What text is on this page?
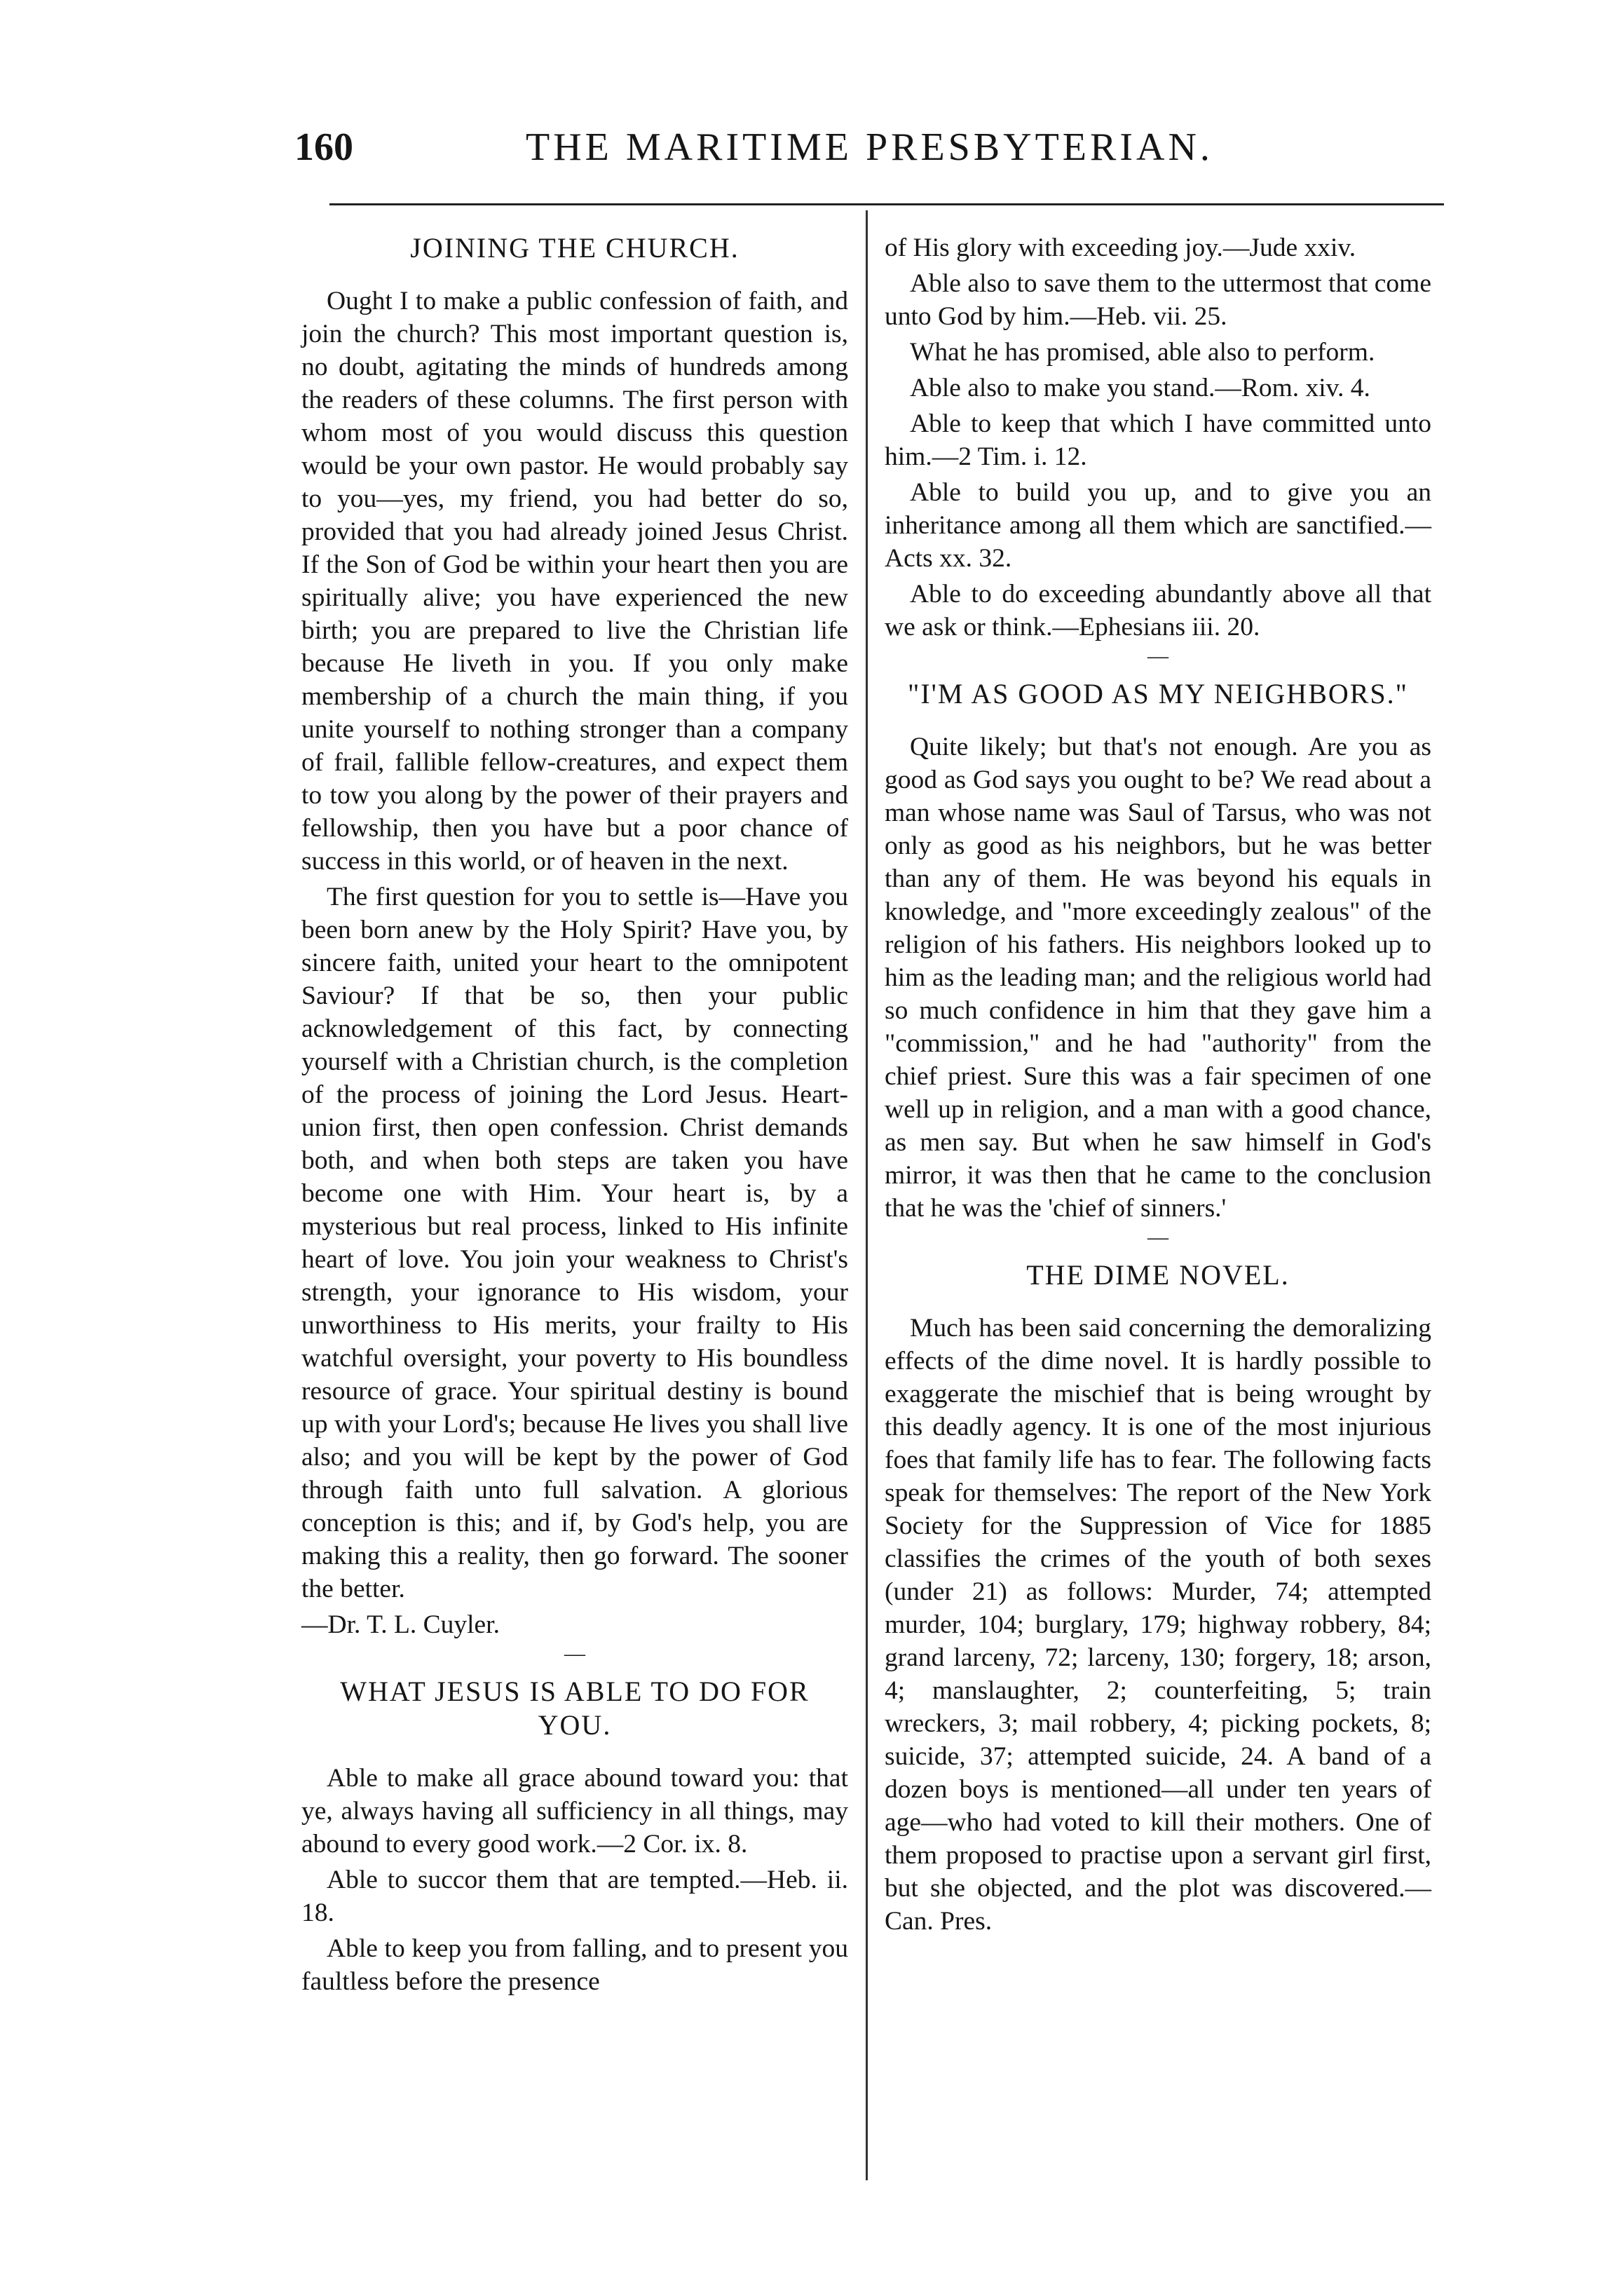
160	THE MARITIME PRESBYTERIAN.
JOINING THE CHURCH.

Ought I to make a public confession of faith, and join the church? This most important question is, no doubt, agitating the minds of hundreds among the readers of these columns. The first person with whom most of you would discuss this question would be your own pastor. He would probably say to you—yes, my friend, you had better do so, provided that you had already joined Jesus Christ. If the Son of God be within your heart then you are spiritually alive; you have experienced the new birth; you are prepared to live the Christian life because He liveth in you. If you only make membership of a church the main thing, if you unite yourself to nothing stronger than a company of frail, fallible fellow-creatures, and expect them to tow you along by the power of their prayers and fellowship, then you have but a poor chance of success in this world, or of heaven in the next.

The first question for you to settle is—Have you been born anew by the Holy Spirit? Have you, by sincere faith, united your heart to the omnipotent Saviour? If that be so, then your public acknowledgement of this fact, by connecting yourself with a Christian church, is the completion of the process of joining the Lord Jesus. Heart-union first, then open confession. Christ demands both, and when both steps are taken you have become one with Him. Your heart is, by a mysterious but real process, linked to His infinite heart of love. You join your weakness to Christ's strength, your ignorance to His wisdom, your unworthiness to His merits, your frailty to His watchful oversight, your poverty to His boundless resource of grace. Your spiritual destiny is bound up with your Lord's; because He lives you shall live also; and you will be kept by the power of God through faith unto full salvation. A glorious conception is this; and if, by God's help, you are making this a reality, then go forward. The sooner the better.

—Dr. T. L. Cuyler.

—
WHAT JESUS IS ABLE TO DO FOR YOU.

Able to make all grace abound toward you: that ye, always having all sufficiency in all things, may abound to every good work.—2 Cor. ix. 8.

Able to succor them that are tempted.—Heb. ii. 18.

Able to keep you from falling, and to present you faultless before the presence

of His glory with exceeding joy.—Jude xxiv.

Able also to save them to the uttermost that come unto God by him.—Heb. vii. 25.

What he has promised, able also to perform.

Able also to make you stand.—Rom. xiv. 4.

Able to keep that which I have committed unto him.—2 Tim. i. 12.

Able to build you up, and to give you an inheritance among all them which are sanctified.—Acts xx. 32.

Able to do exceeding abundantly above all that we ask or think.—Ephesians iii. 20.

—
"I'M AS GOOD AS MY NEIGHBORS."

Quite likely; but that's not enough. Are you as good as God says you ought to be? We read about a man whose name was Saul of Tarsus, who was not only as good as his neighbors, but he was better than any of them. He was beyond his equals in knowledge, and "more exceedingly zealous" of the religion of his fathers. His neighbors looked up to him as the leading man; and the religious world had so much confidence in him that they gave him a "commission," and he had "authority" from the chief priest. Sure this was a fair specimen of one well up in religion, and a man with a good chance, as men say. But when he saw himself in God's mirror, it was then that he came to the conclusion that he was the 'chief of sinners.'

—
THE DIME NOVEL.

Much has been said concerning the demoralizing effects of the dime novel. It is hardly possible to exaggerate the mischief that is being wrought by this deadly agency. It is one of the most injurious foes that family life has to fear. The following facts speak for themselves: The report of the New York Society for the Suppression of Vice for 1885 classifies the crimes of the youth of both sexes (under 21) as follows: Murder, 74; attempted murder, 104; burglary, 179; highway robbery, 84; grand larceny, 72; larceny, 130; forgery, 18; arson, 4; manslaughter, 2; counterfeiting, 5; train wreckers, 3; mail robbery, 4; picking pockets, 8; suicide, 37; attempted suicide, 24. A band of a dozen boys is mentioned—all under ten years of age—who had voted to kill their mothers. One of them proposed to practise upon a servant girl first, but she objected, and the plot was discovered.—Can. Pres.
